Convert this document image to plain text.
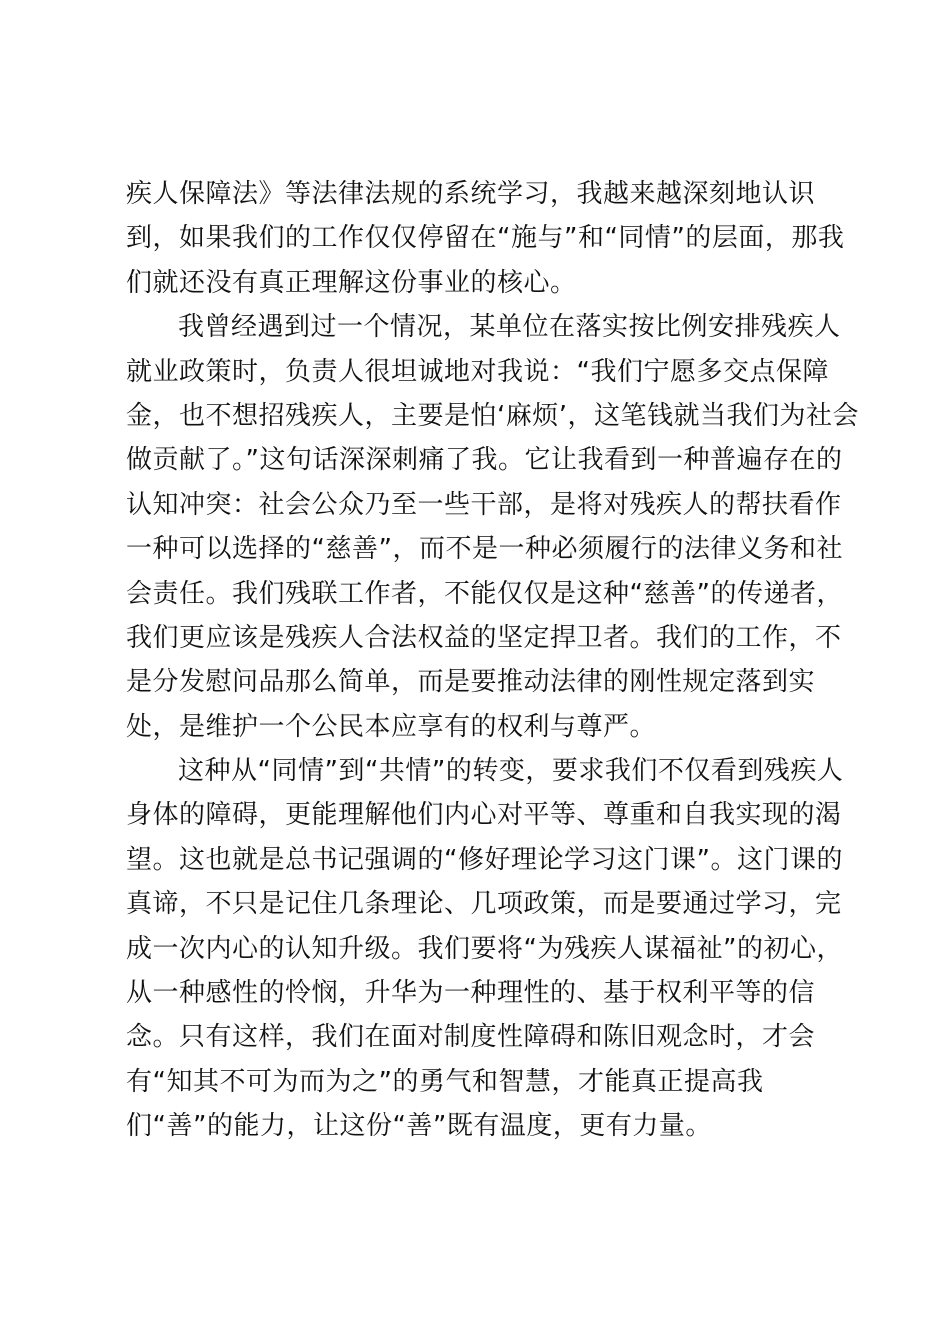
疾人保障法》等法律法规的系统学习，我越来越深刻地认识
到，如果我们的工作仅仅停留在“施与”和“同情”的层面，那我
们就还没有真正理解这份事业的核心。
我曾经遇到过一个情况，某单位在落实按比例安排残疾人
就业政策时，负责人很坦诚地对我说：“我们宁愿多交点保障
金，也不想招残疾人，主要是怕‘麻烦’，这笔钱就当我们为社会
做贡献了。”这句话深深刺痛了我。它让我看到一种普遍存在的
认知冲突：社会公众乃至一些干部，是将对残疾人的帮扶看作
一种可以选择的“慈善”，而不是一种必须履行的法律义务和社
会责任。我们残联工作者，不能仅仅是这种“慈善”的传递者，
我们更应该是残疾人合法权益的坚定捍卫者。我们的工作，不
是分发慰问品那么简单，而是要推动法律的刚性规定落到实
处，是维护一个公民本应享有的权利与尊严。
这种从“同情”到“共情”的转变，要求我们不仅看到残疾人
身体的障碍，更能理解他们内心对平等、尊重和自我实现的渴
望。这也就是总书记强调的“修好理论学习这门课”。这门课的
真谛，不只是记住几条理论、几项政策，而是要通过学习，完
成一次内心的认知升级。我们要将“为残疾人谋福祉”的初心，
从一种感性的怜悯，升华为一种理性的、基于权利平等的信
念。只有这样，我们在面对制度性障碍和陈旧观念时，才会
有“知其不可为而为之”的勇气和智慧，才能真正提高我
们“善”的能力，让这份“善”既有温度，更有力量。
